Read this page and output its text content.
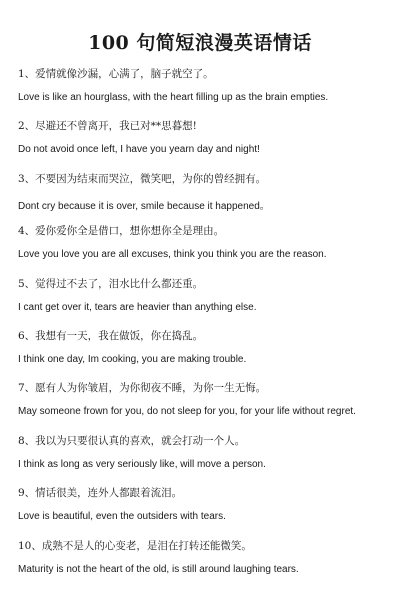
100 句简短浪漫英语情话
1、爱情就像沙漏，心满了，脑子就空了。
Love is like an hourglass, with the heart filling up as the brain empties.
2、尽避还不曾离开，我已对**思暮想!
Do not avoid once left, I have you yearn day and night!
3、不要因为结束而哭泣，微笑吧，为你的曾经拥有。
Dont cry because it is over, smile because it happened。
4、爱你爱你全是借口，想你想你全是理由。
Love you love you are all excuses, think you think you are the reason.
5、觉得过不去了，泪水比什么都还重。
I cant get over it, tears are heavier than anything else.
6、我想有一天，我在做饭，你在捣乱。
I think one day, Im cooking, you are making trouble.
7、愿有人为你皱眉，为你彻夜不睡，为你一生无悔。
May someone frown for you, do not sleep for you, for your life without regret.
8、我以为只要很认真的喜欢，就会打动一个人。
I think as long as very seriously like, will move a person.
9、情话很美，连外人都跟着流泪。
Love is beautiful, even the outsiders with tears.
10、成熟不是人的心变老，是泪在打转还能微笑。
Maturity is not the heart of the old, is still around laughing tears.
